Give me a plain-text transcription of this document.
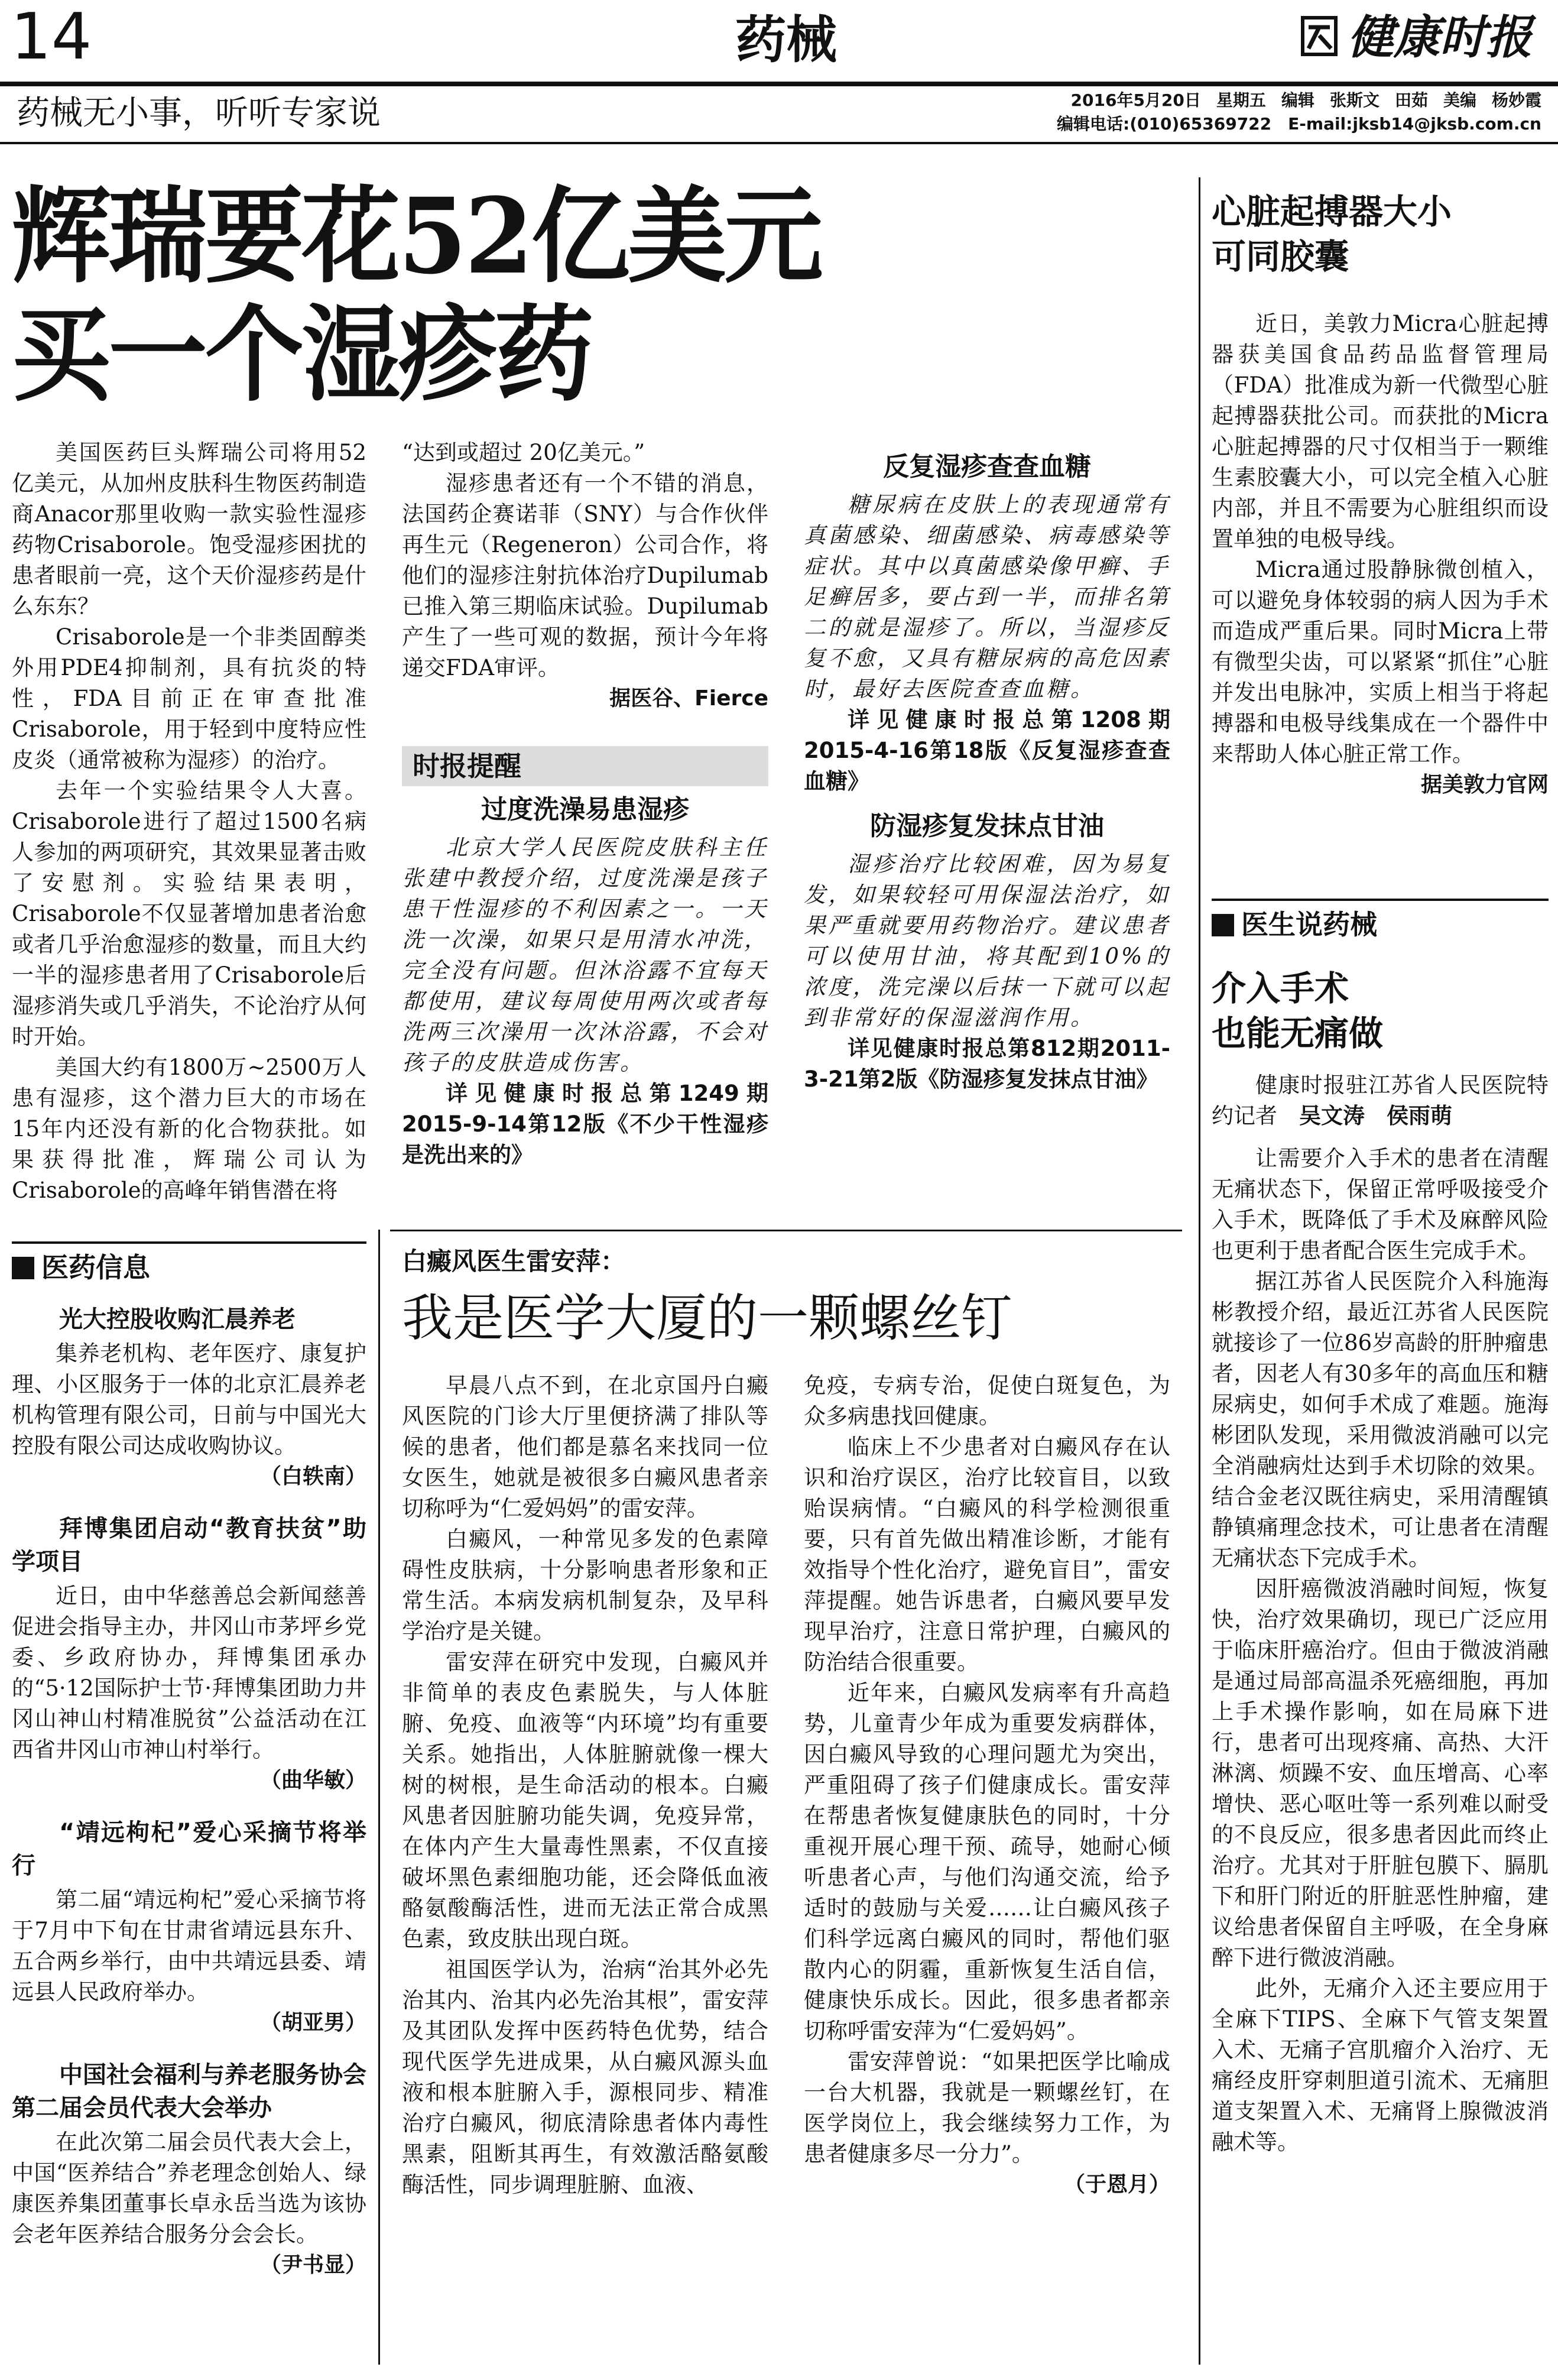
14	药械	健康时报
药械无小事，听听专家说	2016年5月20日 星期五 编辑 张斯文 田茹 美编 杨妙霞
编辑电话:(010)65369722　E-mail:jksb14@jksb.com.cn
辉瑞要花52亿美元
买一个湿疹药

美国医药巨头辉瑞公司将用52亿美元，从加州皮肤科生物医药制造商Anacor那里收购一款实验性湿疹药物Crisaborole。饱受湿疹困扰的患者眼前一亮，这个天价湿疹药是什么东东？

Crisaborole是一个非类固醇类外用PDE4抑制剂，具有抗炎的特性，FDA目前正在审查批准Crisaborole，用于轻到中度特应性皮炎（通常被称为湿疹）的治疗。

去年一个实验结果令人大喜。Crisaborole进行了超过1500名病人参加的两项研究，其效果显著击败了安慰剂。实验结果表明，Crisaborole不仅显著增加患者治愈或者几乎治愈湿疹的数量，而且大约一半的湿疹患者用了Crisaborole后湿疹消失或几乎消失，不论治疗从何时开始。

美国大约有1800万~2500万人患有湿疹，这个潜力巨大的市场在15年内还没有新的化合物获批。如果获得批准，辉瑞公司认为Crisaborole的高峰年销售潜在将

“达到或超过 20亿美元。”

湿疹患者还有一个不错的消息，法国药企赛诺菲（SNY）与合作伙伴再生元（Regeneron）公司合作，将他们的湿疹注射抗体治疗Dupilumab已推入第三期临床试验。Dupilumab产生了一些可观的数据，预计今年将递交FDA审评。

据医谷、Fierce
时报提醒
过度洗澡易患湿疹

北京大学人民医院皮肤科主任张建中教授介绍，过度洗澡是孩子患干性湿疹的不利因素之一。一天洗一次澡，如果只是用清水冲洗，完全没有问题。但沐浴露不宜每天都使用，建议每周使用两次或者每洗两三次澡用一次沐浴露，不会对孩子的皮肤造成伤害。

详见健康时报总第1249期2015-9-14第12版《不少干性湿疹是洗出来的》

反复湿疹查查血糖

糖尿病在皮肤上的表现通常有真菌感染、细菌感染、病毒感染等症状。其中以真菌感染像甲癣、手足癣居多，要占到一半，而排名第二的就是湿疹了。所以，当湿疹反复不愈，又具有糖尿病的高危因素时，最好去医院查查血糖。

详见健康时报总第1208期2015-4-16第18版《反复湿疹查查血糖》

防湿疹复发抹点甘油

湿疹治疗比较困难，因为易复发，如果较轻可用保湿法治疗，如果严重就要用药物治疗。建议患者可以使用甘油，将其配到10%的浓度，洗完澡以后抹一下就可以起到非常好的保湿滋润作用。

详见健康时报总第812期2011-3-21第2版《防湿疹复发抹点甘油》

医药信息
光大控股收购汇晨养老

集养老机构、老年医疗、康复护理、小区服务于一体的北京汇晨养老机构管理有限公司，日前与中国光大控股有限公司达成收购协议。

（白轶南）
拜博集团启动“教育扶贫”助学项目

近日，由中华慈善总会新闻慈善促进会指导主办，井冈山市茅坪乡党委、乡政府协办，拜博集团承办的“5·12国际护士节·拜博集团助力井冈山神山村精准脱贫”公益活动在江西省井冈山市神山村举行。

（曲华敏）
“靖远枸杞”爱心采摘节将举行

第二届“靖远枸杞”爱心采摘节将于7月中下旬在甘肃省靖远县东升、五合两乡举行，由中共靖远县委、靖远县人民政府举办。

（胡亚男）
中国社会福利与养老服务协会第二届会员代表大会举办

在此次第二届会员代表大会上，中国“医养结合”养老理念创始人、绿康医养集团董事长卓永岳当选为该协会老年医养结合服务分会会长。

（尹书显）
白癜风医生雷安萍：
我是医学大厦的一颗螺丝钉

早晨八点不到，在北京国丹白癜风医院的门诊大厅里便挤满了排队等候的患者，他们都是慕名来找同一位女医生，她就是被很多白癜风患者亲切称呼为“仁爱妈妈”的雷安萍。

白癜风，一种常见多发的色素障碍性皮肤病，十分影响患者形象和正常生活。本病发病机制复杂，及早科学治疗是关键。

雷安萍在研究中发现，白癜风并非简单的表皮色素脱失，与人体脏腑、免疫、血液等“内环境”均有重要关系。她指出，人体脏腑就像一棵大树的树根，是生命活动的根本。白癜风患者因脏腑功能失调，免疫异常，在体内产生大量毒性黑素，不仅直接破坏黑色素细胞功能，还会降低血液酪氨酸酶活性，进而无法正常合成黑色素，致皮肤出现白斑。

祖国医学认为，治病“治其外必先治其内、治其内必先治其根”，雷安萍及其团队发挥中医药特色优势，结合现代医学先进成果，从白癜风源头血液和根本脏腑入手，源根同步、精准治疗白癜风，彻底清除患者体内毒性黑素，阻断其再生，有效激活酪氨酸酶活性，同步调理脏腑、血液、

免疫，专病专治，促使白斑复色，为众多病患找回健康。

临床上不少患者对白癜风存在认识和治疗误区，治疗比较盲目，以致贻误病情。“白癜风的科学检测很重要，只有首先做出精准诊断，才能有效指导个性化治疗，避免盲目”，雷安萍提醒。她告诉患者，白癜风要早发现早治疗，注意日常护理，白癜风的防治结合很重要。

近年来，白癜风发病率有升高趋势，儿童青少年成为重要发病群体，因白癜风导致的心理问题尤为突出，严重阻碍了孩子们健康成长。雷安萍在帮患者恢复健康肤色的同时，十分重视开展心理干预、疏导，她耐心倾听患者心声，与他们沟通交流，给予适时的鼓励与关爱……让白癜风孩子们科学远离白癜风的同时，帮他们驱散内心的阴霾，重新恢复生活自信，健康快乐成长。因此，很多患者都亲切称呼雷安萍为“仁爱妈妈”。

雷安萍曾说：“如果把医学比喻成一台大机器，我就是一颗螺丝钉，在医学岗位上，我会继续努力工作，为患者健康多尽一分力”。

（于恩月）
心脏起搏器大小
可同胶囊

近日，美敦力Micra心脏起搏器获美国食品药品监督管理局（FDA）批准成为新一代微型心脏起搏器获批公司。而获批的Micra心脏起搏器的尺寸仅相当于一颗维生素胶囊大小，可以完全植入心脏内部，并且不需要为心脏组织而设置单独的电极导线。

Micra通过股静脉微创植入，可以避免身体较弱的病人因为手术而造成严重后果。同时Micra上带有微型尖齿，可以紧紧“抓住”心脏并发出电脉冲，实质上相当于将起搏器和电极导线集成在一个器件中来帮助人体心脏正常工作。

据美敦力官网
医生说药械
介入手术
也能无痛做

健康时报驻江苏省人民医院特约记者　 吴文涛　侯雨萌

让需要介入手术的患者在清醒无痛状态下，保留正常呼吸接受介入手术，既降低了手术及麻醉风险也更利于患者配合医生完成手术。

据江苏省人民医院介入科施海彬教授介绍，最近江苏省人民医院就接诊了一位86岁高龄的肝肿瘤患者，因老人有30多年的高血压和糖尿病史，如何手术成了难题。施海彬团队发现，采用微波消融可以完全消融病灶达到手术切除的效果。结合金老汉既往病史，采用清醒镇静镇痛理念技术，可让患者在清醒无痛状态下完成手术。

因肝癌微波消融时间短，恢复快，治疗效果确切，现已广泛应用于临床肝癌治疗。但由于微波消融是通过局部高温杀死癌细胞，再加上手术操作影响，如在局麻下进行，患者可出现疼痛、高热、大汗淋漓、烦躁不安、血压增高、心率增快、恶心呕吐等一系列难以耐受的不良反应，很多患者因此而终止治疗。尤其对于肝脏包膜下、膈肌下和肝门附近的肝脏恶性肿瘤，建议给患者保留自主呼吸，在全身麻醉下进行微波消融。

此外，无痛介入还主要应用于全麻下TIPS、全麻下气管支架置入术、无痛子宫肌瘤介入治疗、无痛经皮肝穿刺胆道引流术、无痛胆道支架置入术、无痛肾上腺微波消融术等。
